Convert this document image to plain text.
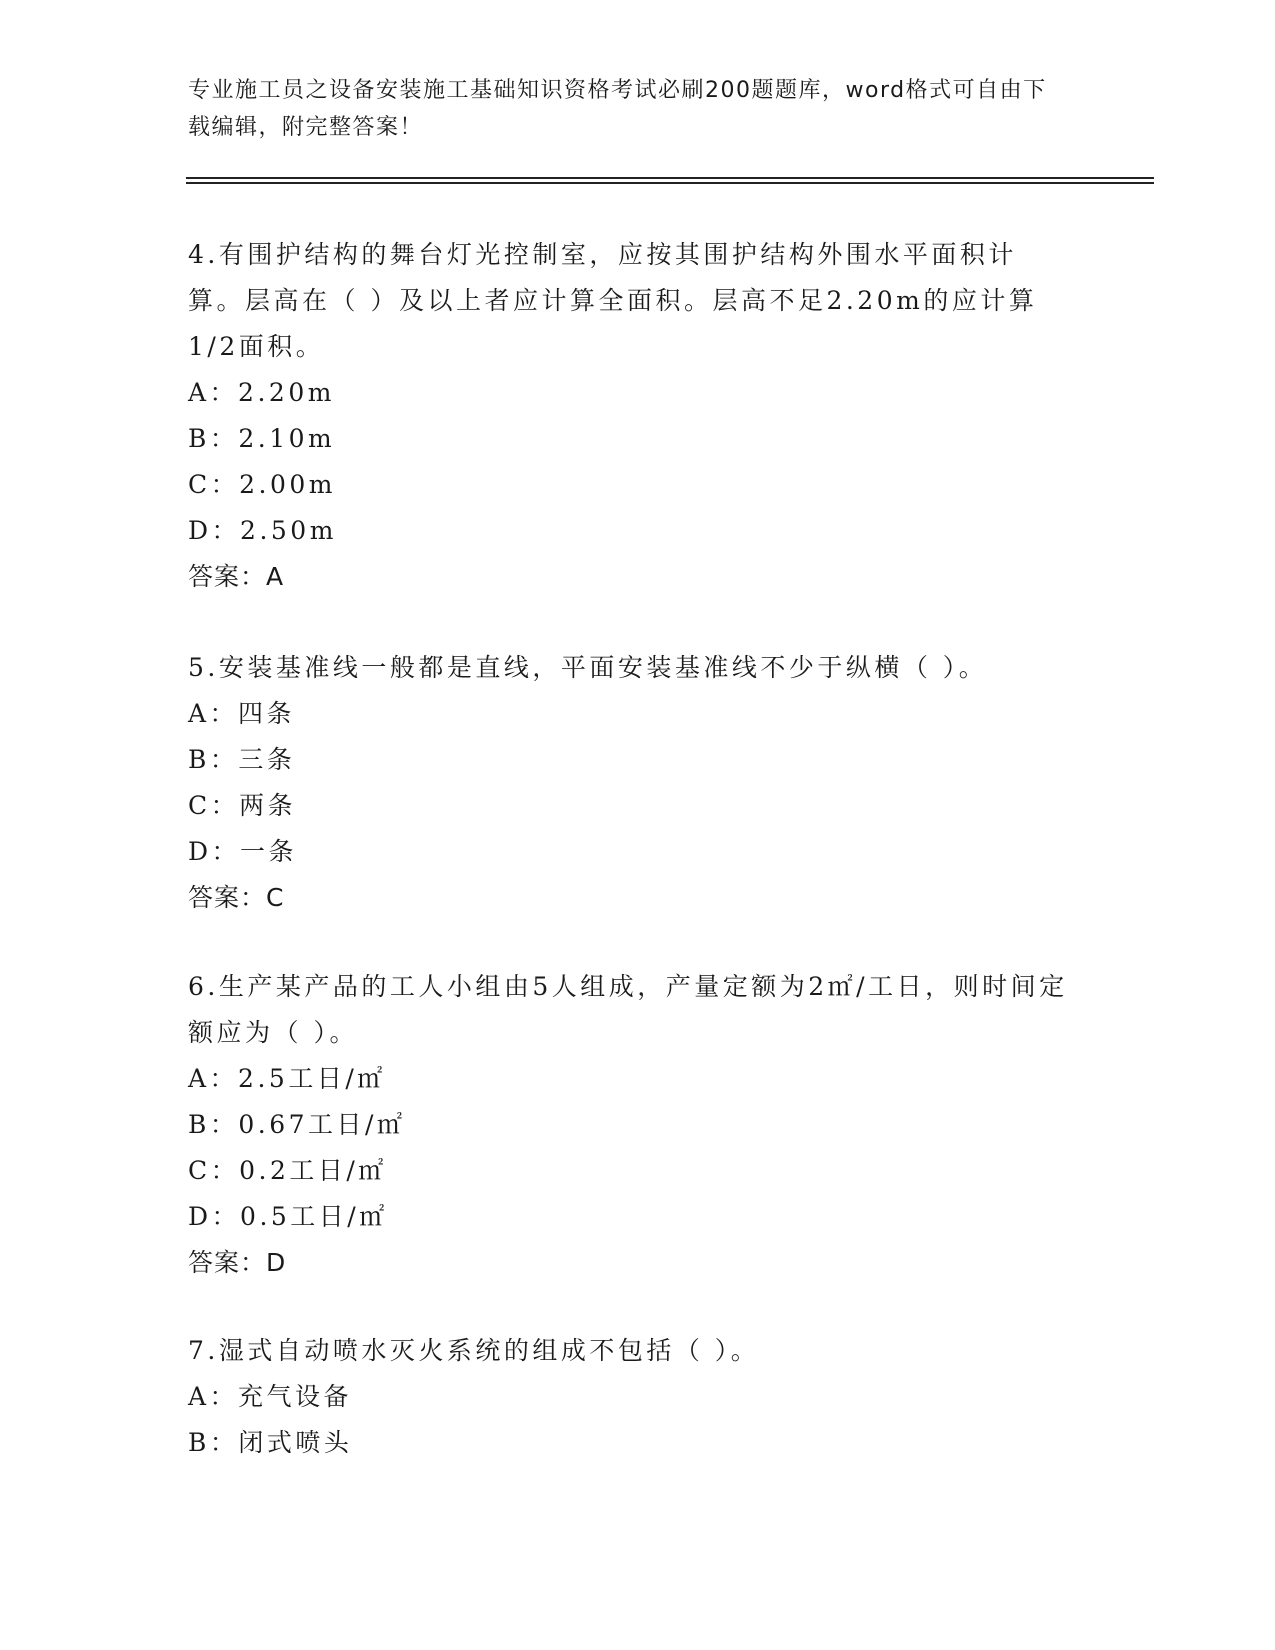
专业施工员之设备安装施工基础知识资格考试必刷200题题库，word格式可自由下载编辑，附完整答案！

4.有围护结构的舞台灯光控制室，应按其围护结构外围水平面积计算。层高在（ ）及以上者应计算全面积。层高不足2.20m的应计算1/2面积。

A：2.20m

B：2.10m

C：2.00m

D：2.50m

答案：A

5.安装基准线一般都是直线，平面安装基准线不少于纵横（ ）。

A：四条

B：三条

C：两条

D：一条

答案：C

6.生产某产品的工人小组由5人组成，产量定额为2㎡/工日，则时间定额应为（ ）。

A：2.5工日/㎡

B：0.67工日/㎡

C：0.2工日/㎡

D：0.5工日/㎡

答案：D

7.湿式自动喷水灭火系统的组成不包括（ ）。

A：充气设备

B：闭式喷头
